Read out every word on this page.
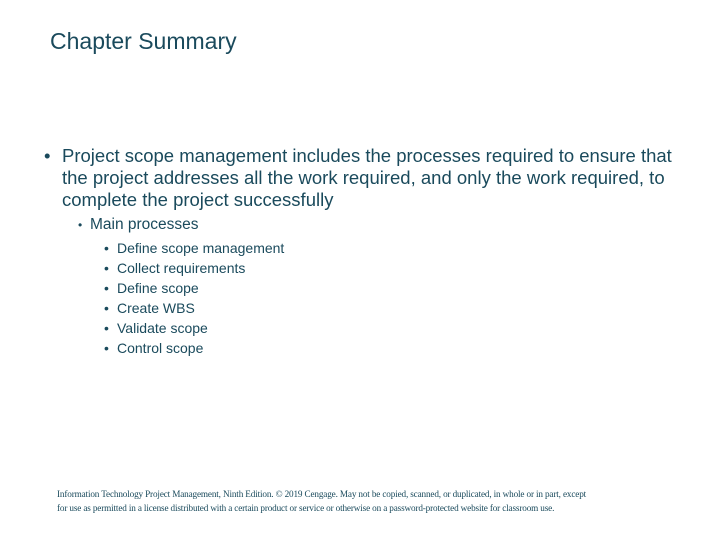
Chapter Summary
• Project scope management includes the processes required to ensure that the project addresses all the work required, and only the work required, to complete the project successfully
• Main processes
• Define scope management
• Collect requirements
• Define scope
• Create WBS
• Validate scope
• Control scope
Information Technology Project Management, Ninth Edition. © 2019 Cengage. May not be copied, scanned, or duplicated, in whole or in part, except
for use as permitted in a license distributed with a certain product or service or otherwise on a password-protected website for classroom use.
